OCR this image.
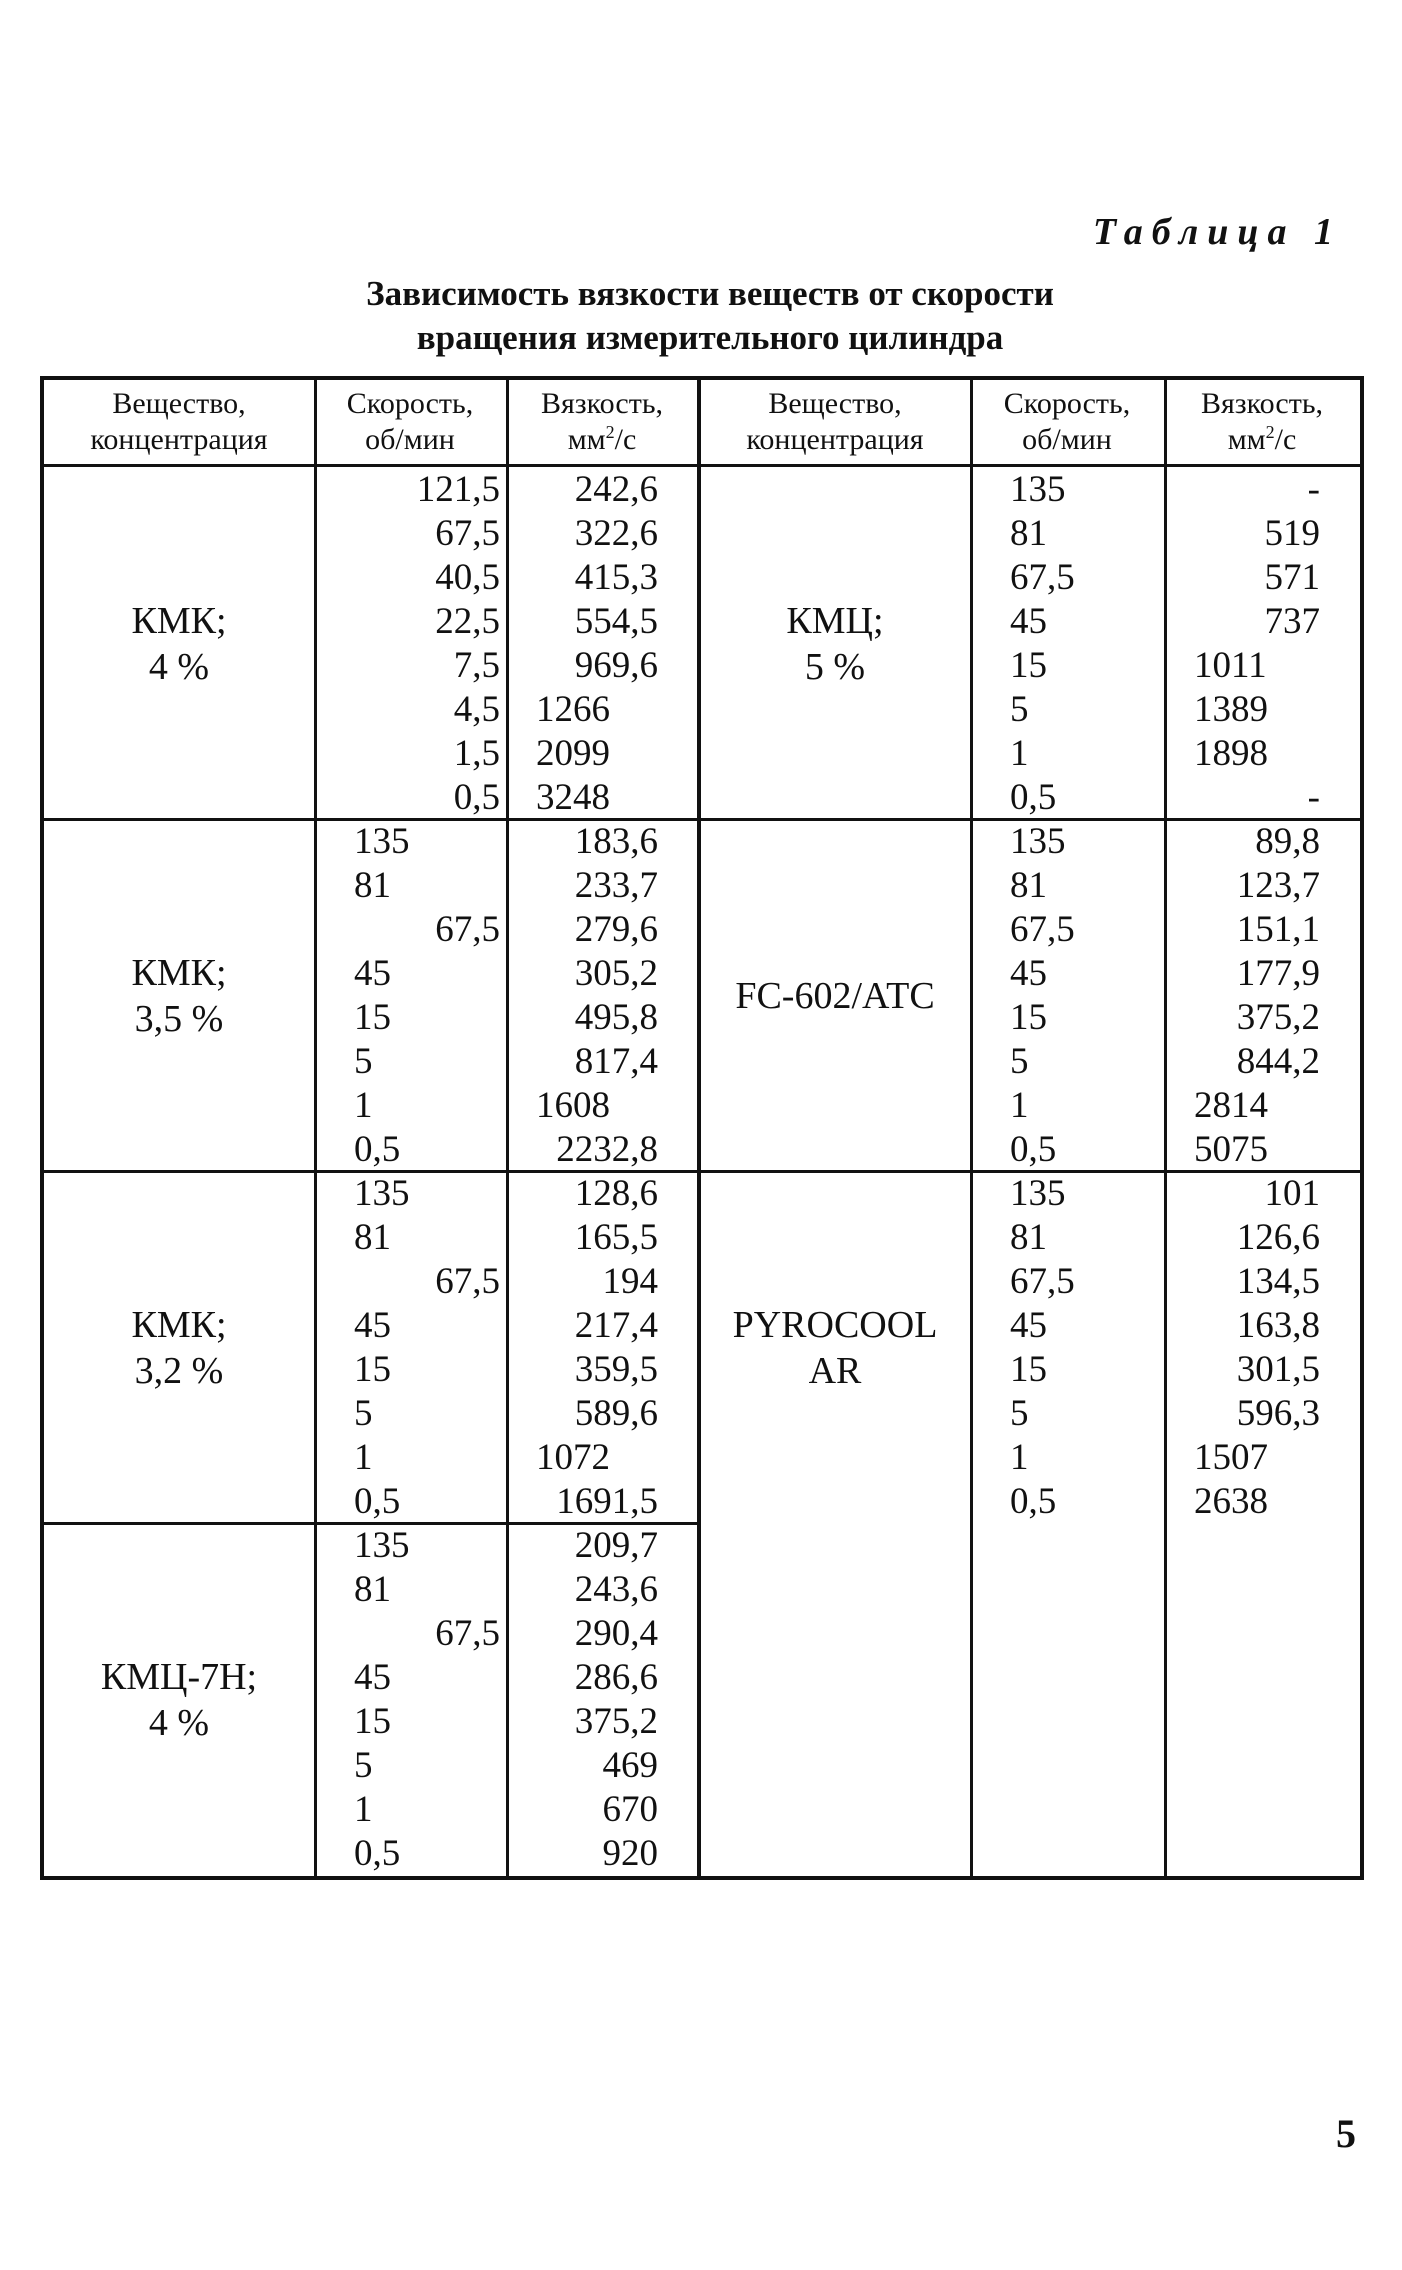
Таблица 1
Зависимость вязкости веществ от скорости
вращения измерительного цилиндра
Вещество,
концентрация
Скорость,
об/мин
Вязкость,
$мм^2/с$
Вещество,
концентрация
Скорость,
об/мин
Вязкость,
$мм^2/с$
КМК;
4 %
121,5
67,5
40,5
22,5
7,5
4,5
1,5
0,5
242,6
322,6
415,3
554,5
969,6
1266
2099
3248
КМК;
3,5 %
135
81
67,5
45
15
5
1
0,5
183,6
233,7
279,6
305,2
495,8
817,4
1608
2232,8
КМК;
3,2 %
135
81
67,5
45
15
5
1
0,5
128,6
165,5
194
217,4
359,5
589,6
1072
1691,5
КМЦ-7Н;
4 %
135
81
67,5
45
15
5
1
0,5
209,7
243,6
290,4
286,6
375,2
469
670
920
КМЦ;
5 %
135
81
67,5
45
15
5
1
0,5
-
519
571
737
1011
1389
1898
-
FC-602/АТС
135
81
67,5
45
15
5
1
0,5
89,8
123,7
151,1
177,9
375,2
844,2
2814
5075
PYROCOOL
AR
135
81
67,5
45
15
5
1
0,5
101
126,6
134,5
163,8
301,5
596,3
1507
2638
5
